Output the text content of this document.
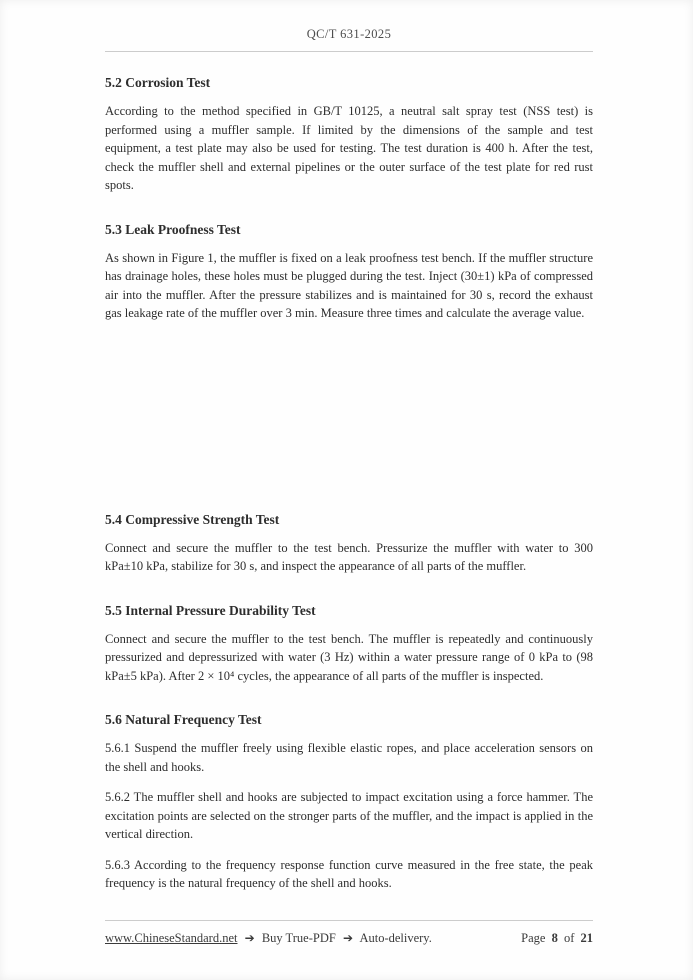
QC/T 631-2025
5.2 Corrosion Test

According to the method specified in GB/T 10125, a neutral salt spray test (NSS test) is performed using a muffler sample. If limited by the dimensions of the sample and test equipment, a test plate may also be used for testing. The test duration is 400 h. After the test, check the muffler shell and external pipelines or the outer surface of the test plate for red rust spots.

5.3 Leak Proofness Test

As shown in Figure 1, the muffler is fixed on a leak proofness test bench. If the muffler structure has drainage holes, these holes must be plugged during the test. Inject (30±1) kPa of compressed air into the muffler. After the pressure stabilizes and is maintained for 30 s, record the exhaust gas leakage rate of the muffler over 3 min. Measure three times and calculate the average value.

5.4 Compressive Strength Test

Connect and secure the muffler to the test bench. Pressurize the muffler with water to 300 kPa±10 kPa, stabilize for 30 s, and inspect the appearance of all parts of the muffler.

5.5 Internal Pressure Durability Test

Connect and secure the muffler to the test bench. The muffler is repeatedly and continuously pressurized and depressurized with water (3 Hz) within a water pressure range of 0 kPa to (98 kPa±5 kPa). After 2 × 10⁴ cycles, the appearance of all parts of the muffler is inspected.

5.6 Natural Frequency Test

5.6.1 Suspend the muffler freely using flexible elastic ropes, and place acceleration sensors on the shell and hooks.

5.6.2 The muffler shell and hooks are subjected to impact excitation using a force hammer. The excitation points are selected on the stronger parts of the muffler, and the impact is applied in the vertical direction.

5.6.3 According to the frequency response function curve measured in the free state, the peak frequency is the natural frequency of the shell and hooks.

www.ChineseStandard.net ➔ Buy True-PDF ➔ Auto-delivery.	Page 8 of 21
